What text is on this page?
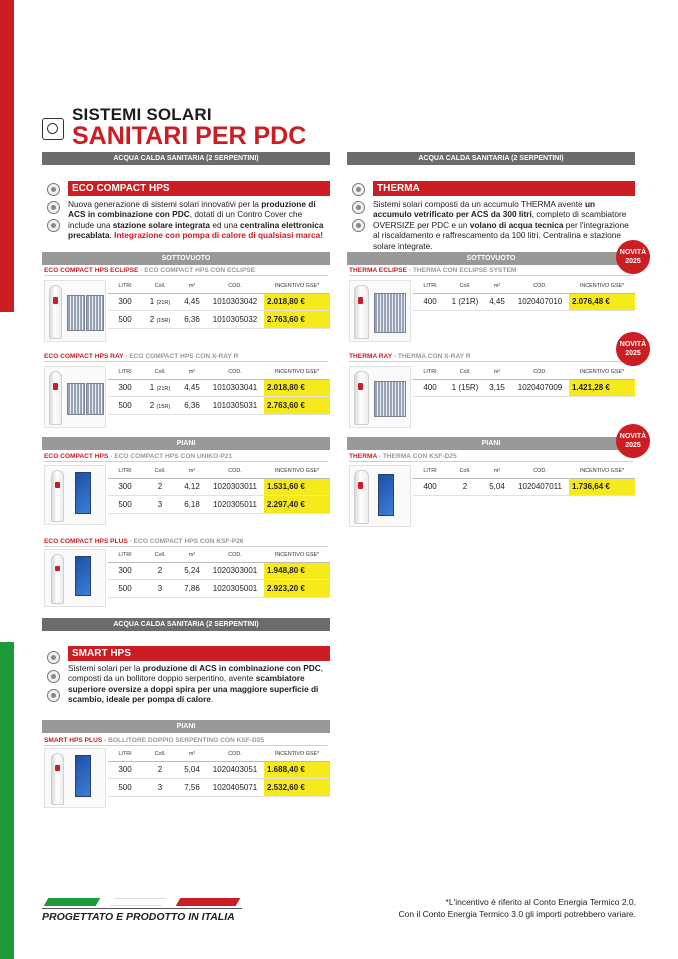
SISTEMI SOLARI
SANITARI PER PDC
ACQUA CALDA SANITARIA (2 SERPENTINI)
ECO COMPACT HPS
Nuova generazione di sistemi solari innovativi per la produzione di ACS in combinazione con PDC, dotati di un Contro Cover che include una stazione solare integrata ed una centralina elettronica precablata. Integrazione con pompa di calore di qualsiasi marca!
SOTTOVUOTO
ECO COMPACT HPS ECLIPSE - ECO COMPACT HPS CON ECLIPSE
LITRI	Coll.	m²	COD.	INCENTIVO GSE*
300	1 (21R)	4,45	1010303042	2.018,80 €
500	2 (15R)	6,36	1010305032	2.763,60 €
ECO COMPACT HPS RAY - ECO COMPACT HPS CON X-RAY R
LITRI	Coll.	m²	COD.	INCENTIVO GSE*
300	1 (21R)	4,45	1010303041	2.018,80 €
500	2 (15R)	6,36	1010305031	2.763,60 €
PIANI
ECO COMPACT HPS - ECO COMPACT HPS CON UNIKO-P21
LITRI	Coll.	m²	COD.	INCENTIVO GSE*
300	2	4,12	1020303011	1.531,60 €
500	3	6,18	1020305011	2.297,40 €
ECO COMPACT HPS PLUS - ECO COMPACT HPS CON KSF-P26
LITRI	Coll.	m²	COD.	INCENTIVO GSE*
300	2	5,24	1020303001	1.948,80 €
500	3	7,86	1020305001	2.923,20 €
ACQUA CALDA SANITARIA (2 SERPENTINI)
SMART HPS
Sistemi solari per la produzione di ACS in combinazione con PDC, composti da un bollitore doppio serpentino, avente scambiatore superiore oversize a doppi spira per una maggiore superficie di scambio, ideale per pompa di calore.
PIANI
SMART HPS PLUS - BOLLITORE DOPPIO SERPENTINO CON KSF-D25
LITRI	Coll.	m²	COD.	INCENTIVO GSE*
300	2	5,04	1020403051	1.688,40 €
500	3	7,56	1020405071	2.532,60 €
ACQUA CALDA SANITARIA (2 SERPENTINI)
THERMA
Sistemi solari composti da un accumulo THERMA avente un accumulo vetrificato per ACS da 300 litri, completo di scambiatore OVERSIZE per PDC e un volano di acqua tecnica per l'integrazione al riscaldamento e raffrescamento da 100 litri. Centralina e stazione solare integrate.
SOTTOVUOTO
NOVITÀ
2025
THERMA ECLIPSE - THERMA CON ECLIPSE SYSTEM
LITRI	Coll.	m²	COD.	INCENTIVO GSE*
400	1 (21R)	4,45	1020407010	2.076,48 €
NOVITÀ
2025
THERMA RAY - THERMA CON X-RAY R
LITRI	Coll.	m²	COD.	INCENTIVO GSE*
400	1 (15R)	3,15	1020407009	1.421,28 €
PIANI
NOVITÀ
2025
THERMA - THERMA CON KSF-D25
LITRI	Coll.	m²	COD.	INCENTIVO GSE*
400	2	5,04	1020407011	1.736,64 €
PROGETTATO E PRODOTTO IN ITALIA
*L'incentivo è riferito al Conto Energia Termico 2.0.
Con il Conto Energia Termico 3.0 gli importi potrebbero variare.
